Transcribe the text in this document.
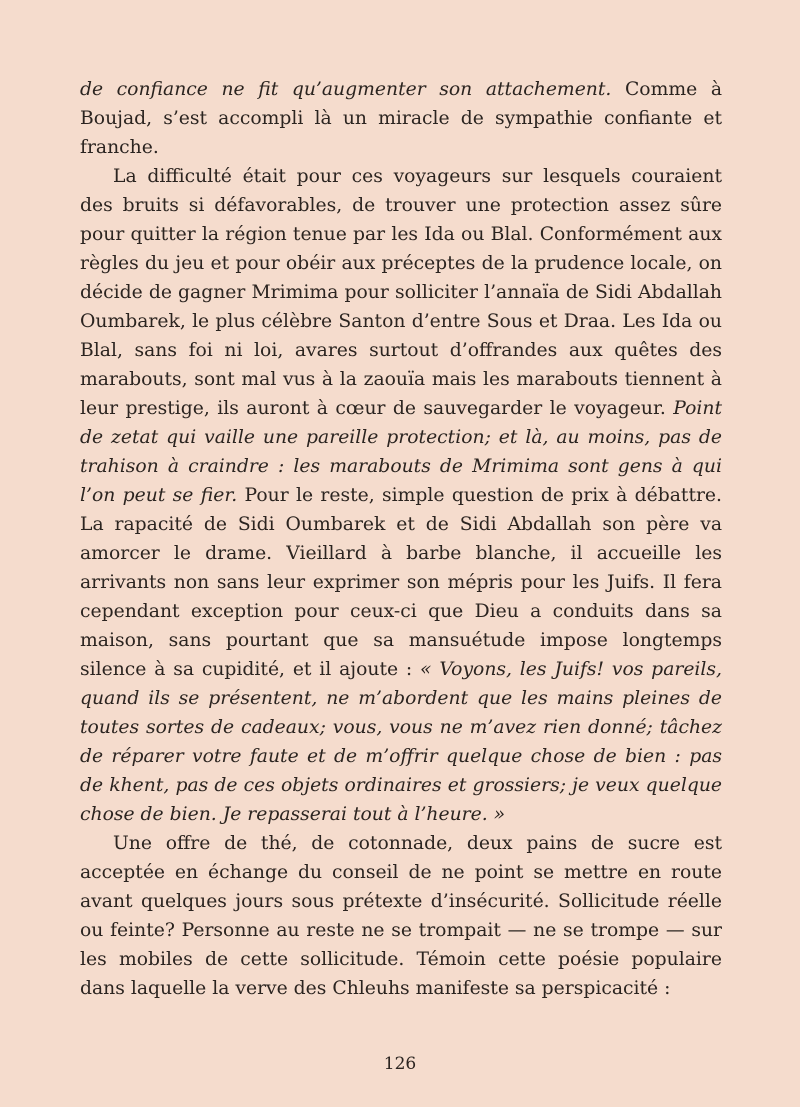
de confiance ne fit qu’augmenter son attachement. Comme à Boujad, s’est accompli là un miracle de sympathie confiante et franche.

La difficulté était pour ces voyageurs sur lesquels couraient des bruits si défavorables, de trouver une protection assez sûre pour quitter la région tenue par les Ida ou Blal. Conformément aux règles du jeu et pour obéir aux préceptes de la prudence locale, on décide de gagner Mrimima pour solliciter l’annaïa de Sidi Abdallah Oumbarek, le plus célèbre Santon d’entre Sous et Draa. Les Ida ou Blal, sans foi ni loi, avares surtout d’offrandes aux quêtes des marabouts, sont mal vus à la zaouïa mais les marabouts tiennent à leur prestige, ils auront à cœur de sauvegarder le voyageur. Point de zetat qui vaille une pareille protection; et là, au moins, pas de trahison à craindre : les marabouts de Mrimima sont gens à qui l’on peut se fier. Pour le reste, simple question de prix à débattre. La rapacité de Sidi Oumbarek et de Sidi Abdallah son père va amorcer le drame. Vieillard à barbe blanche, il accueille les arrivants non sans leur exprimer son mépris pour les Juifs. Il fera cependant exception pour ceux-ci que Dieu a conduits dans sa maison, sans pourtant que sa mansuétude impose longtemps silence à sa cupidité, et il ajoute : « Voyons, les Juifs! vos pareils, quand ils se présentent, ne m’abordent que les mains pleines de toutes sortes de cadeaux; vous, vous ne m’avez rien donné; tâchez de réparer votre faute et de m’offrir quelque chose de bien : pas de khent, pas de ces objets ordinaires et grossiers; je veux quelque chose de bien. Je repasserai tout à l’heure. »

Une offre de thé, de cotonnade, deux pains de sucre est acceptée en échange du conseil de ne point se mettre en route avant quelques jours sous prétexte d’insécurité. Sollicitude réelle ou feinte? Personne au reste ne se trompait — ne se trompe — sur les mobiles de cette sollicitude. Témoin cette poésie populaire dans laquelle la verve des Chleuhs manifeste sa perspicacité :

126
